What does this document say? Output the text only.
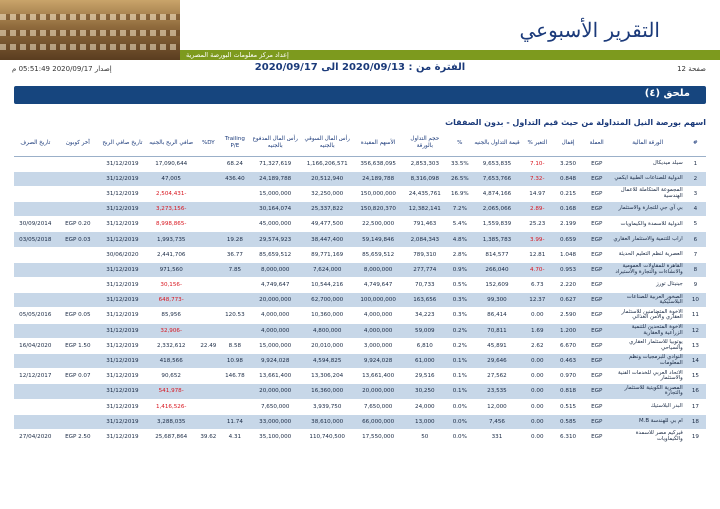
التقرير الأسبوعي
إعداد مركز معلومات البورصة المصرية
إصدار 2020/09/17 05:51:49 م	الفترة من : 2020/09/13 الى 2020/09/17	صفحة 12
ملحق (٤)
اسهم بورصة النيل المتداولة من حيث قيم التداول - بدون الصفقات
#	الورقة المالية	العملة	إقفال	التغير %	قيمة التداول بالجنيه	%	حجم التداول بالورقة	الأسهم المقيدة	رأس المال السوقي بالجنيه	رأس المال المدفوع بالجنيه	Trailing P/E	DY%	صافي الربح بالجنيه	تاريخ صافي الربح	آخر كوبون	تاريخ الصرف
1	سيلد ميديكال	EGP	3.250	-7.10	9,653,835	33.5%	2,853,303	356,638,095	1,166,206,571	71,327,619	68.24		17,090,644	31/12/2019		
2	الدولية للصناعات الطبية ايكمي	EGP	0.848	-7.32	7,653,766	26.5%	8,316,098	24,189,788	20,512,940	24,189,788	436.40		47,005	31/12/2019		
3	المجموعة المتكاملة للاعمال الهندسية	EGP	0.215	14.97	4,874,166	16.9%	24,435,761	150,000,000	32,250,000	15,000,000			-2,504,431	31/12/2019		
4	بي آي جي للتجارة والاستثمار	EGP	0.168	-2.89	2,065,066	7.2%	12,382,141	150,820,370	25,337,822	30,164,074			-3,273,156	31/12/2019		
5	الدولية للاسمدة والكيماويات	EGP	2.199	25.23	1,559,839	5.4%	791,463	22,500,000	49,477,500	45,000,000			-8,998,865	31/12/2019	EGP 0.20	30/09/2014
6	اراب للتنمية والاستثمار العقاري	EGP	0.659	-3.99	1,385,783	4.8%	2,084,343	59,149,846	38,447,400	29,574,923	19.28		1,993,735	31/12/2019	EGP 0.03	03/05/2018
7	العصرية لنظم التعليم الحديثة	EGP	1.048	12.81	814,577	2.8%	789,310	85,659,512	89,771,169	85,659,512	36.77		2,441,706	30/06/2020		
8	القاهرة للمقاولات العمومية والانشاءات والتجارة والاستيراد	EGP	0.953	-4.70	266,040	0.9%	277,774	8,000,000	7,624,000	8,000,000	7.85		971,560	31/12/2019		
9	جينيتال تورز	EGP	2.220	6.73	152,609	0.5%	70,733	4,749,647	10,544,216	4,749,647			-30,156	31/12/2019		
10	الصخور العربية للصناعات البلاستيكية	EGP	0.627	12.37	99,300	0.3%	163,656	100,000,000	62,700,000	20,000,000			-648,773	31/12/2019		
11	الاخوة المتضامنين للاستثمار العقاري والأمن الغذائي	EGP	2.590	0.00	86,414	0.3%	34,223	4,000,000	10,360,000	4,000,000	120.53		85,956	31/12/2019	EGP 0.05	05/05/2016
12	الاخوة المتحدين للتنمية الزراعية والعقارية	EGP	1.200	1.69	70,811	0.2%	59,009	4,000,000	4,800,000	4,000,000			-32,906	31/12/2019		
13	يوتوبيا للاستثمار العقاري والسياحي	EGP	6.670	2.62	45,891	0.2%	6,810	3,000,000	20,010,000	15,000,000	8.58	22.49	2,332,612	31/12/2019	EGP 1.50	16/04/2020
14	النوادي للبرمجيات ونظم المعلومات	EGP	0.463	0.00	29,646	0.1%	61,000	9,924,028	4,594,825	9,924,028	10.98		418,566	31/12/2019		
15	الاتحاد العربي للخدمات الفنية والاستثمار	EGP	0.970	0.00	27,562	0.1%	29,516	13,661,400	13,306,204	13,661,400	146.78		90,652	31/12/2019	EGP 0.07	12/12/2017
16	المصرية الكويتية للاستثمار والتجارة	EGP	0.818	0.00	23,535	0.1%	30,250	20,000,000	16,360,000	20,000,000			-541,978	31/12/2019		
17	البدر البلاستيك	EGP	0.515	0.00	12,000	0.0%	24,000	7,650,000	3,939,750	7,650,000			-1,416,526	31/12/2019		
18	ام بي للهندسة M.B	EGP	0.585	0.00	7,456	0.0%	13,000	66,000,000	38,610,000	33,000,000	11.74		3,288,035	31/12/2019		
19	فيركيم مصر للاسمدة والكيماويات	EGP	6.310	0.00	331	0.0%	50	17,550,000	110,740,500	35,100,000	4.31	39.62	25,687,864	31/12/2019	EGP 2.50	27/04/2020
